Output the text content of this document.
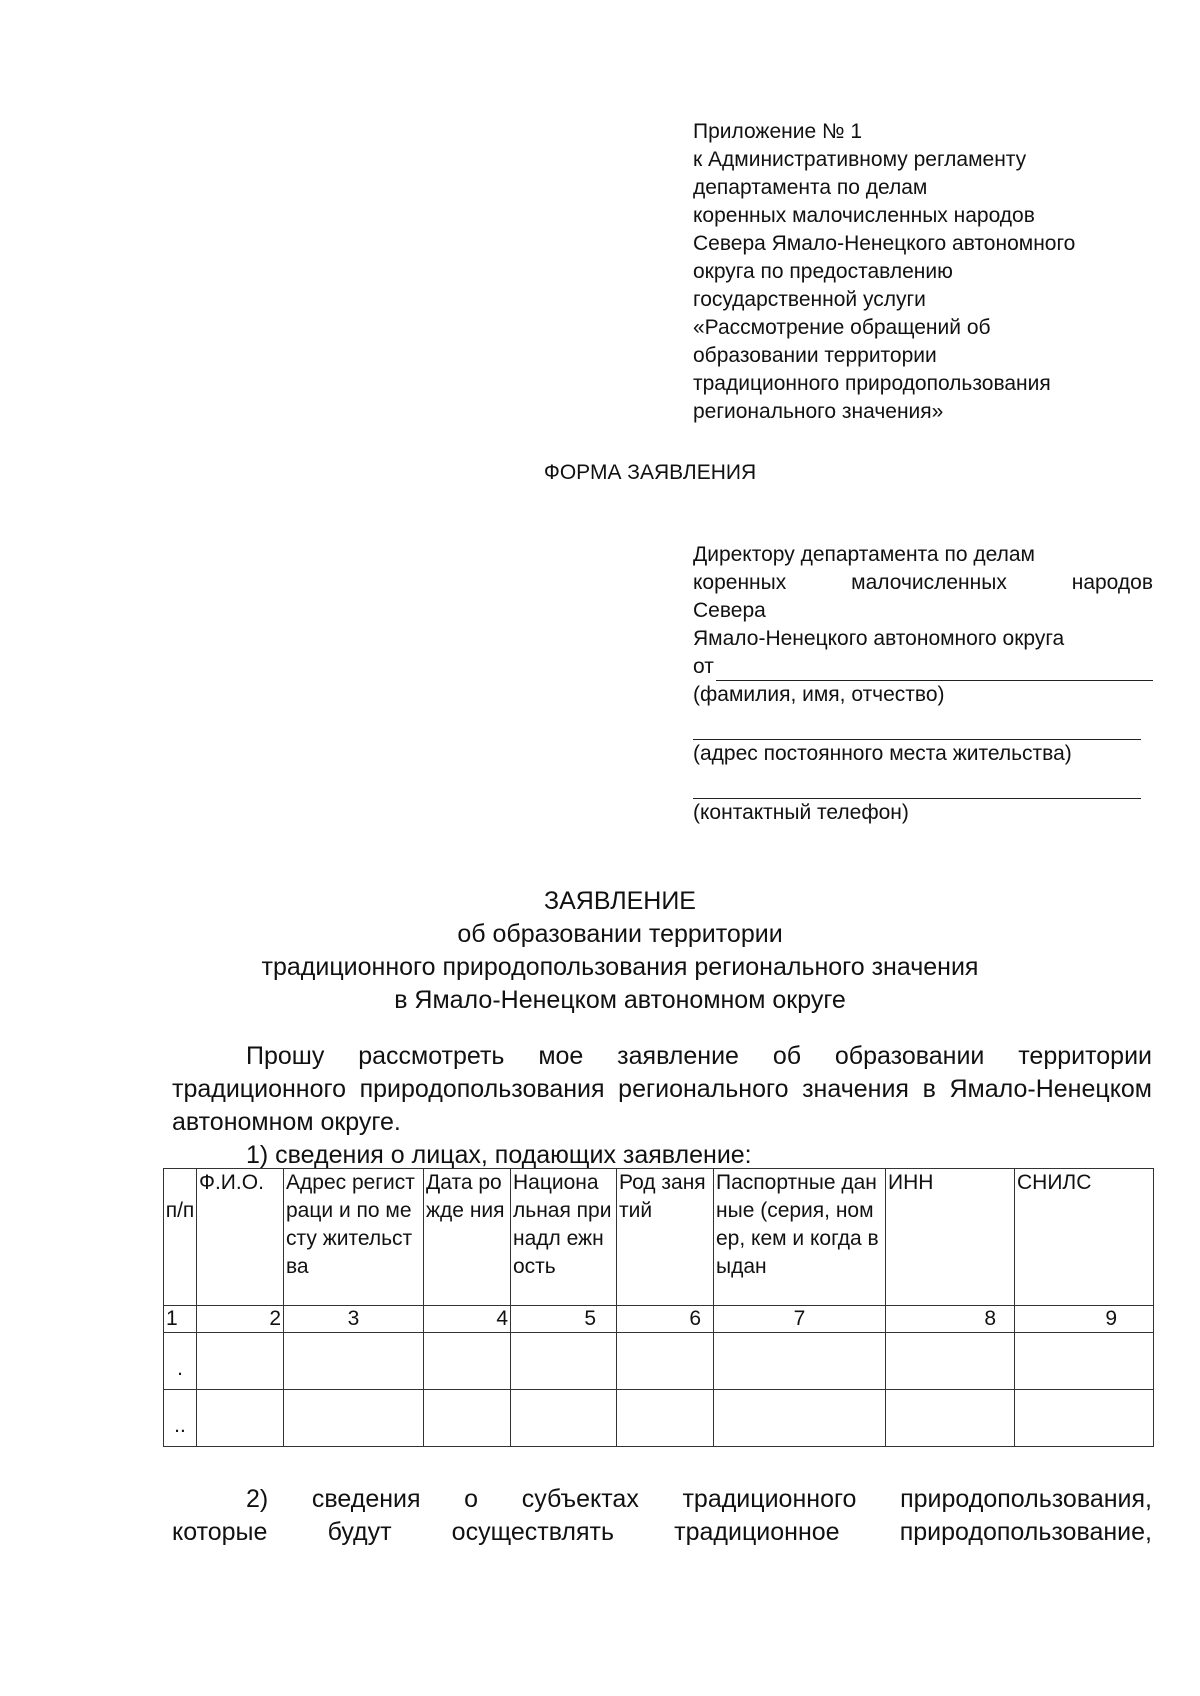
Приложение № 1
к Административному регламенту
департамента по делам
коренных малочисленных народов
Севера Ямало-Ненецкого автономного
округа по предоставлению
государственной услуги
«Рассмотрение обращений об
образовании территории
традиционного природопользования
регионального значения»
ФОРМА ЗАЯВЛЕНИЯ
Директору департамента по делам
коренных	малочисленных	народов
Севера
Ямало-Ненецкого автономного округа
от
(фамилия, имя, отчество)
(адрес постоянного места жительства)
(контактный телефон)
ЗАЯВЛЕНИЕ
об образовании территории
традиционного природопользования регионального значения
в Ямало-Ненецком автономном округе
Прошу рассмотреть мое заявление об образовании территории традиционного природопользования регионального значения в Ямало-Ненецком автономном округе.
1) сведения о лицах, подающих заявление:
п/п	Ф.И.О.	Адрес регистраци и по месту жительства	Дата рожде ния	Национа льная принадл ежность	Род занятий	Паспортные данные (серия, номер, кем и когда выдан	ИНН	СНИЛС
1	2	3	4	5	6	7	8	9

.								

..								

2) сведения о субъектах традиционного природопользования,
которые будут осуществлять традиционное природопользование,
